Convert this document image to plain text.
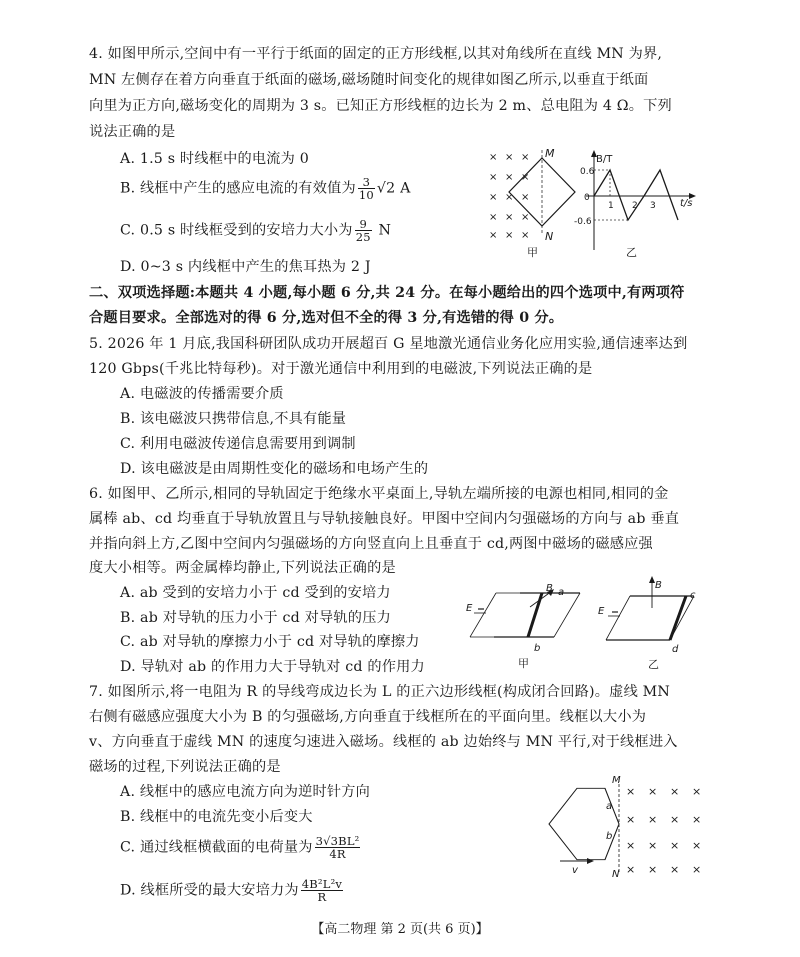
4. 如图甲所示,空间中有一平行于纸面的固定的正方形线框,以其对角线所在直线 MN 为界,
MN 左侧存在着方向垂直于纸面的磁场,磁场随时间变化的规律如图乙所示,以垂直于纸面
向里为正方向,磁场变化的周期为 3 s。已知正方形线框的边长为 2 m、总电阻为 4 Ω。下列
说法正确的是
A. 1.5 s 时线框中的电流为 0
B. 线框中产生的感应电流的有效值为 $\frac{3}{10} √2$ A
C. 0.5 s 时线框受到的安培力大小为 $\frac{9}{25}$ N
D. 0~3 s 内线框中产生的焦耳热为 2 J
× × ×
× × ×
× × ×
× × ×
× × ×
M
N
甲
B/T
t/s
0.6
-0.6
0
1 2 3
乙
二、双项选择题:本题共 4 小题,每小题 6 分,共 24 分。在每小题给出的四个选项中,有两项符
合题目要求。全部选对的得 6 分,选对但不全的得 3 分,有选错的得 0 分。
5. 2026 年 1 月底,我国科研团队成功开展超百 G 星地激光通信业务化应用实验,通信速率达到
120 Gbps(千兆比特每秒)。对于激光通信中利用到的电磁波,下列说法正确的是
A. 电磁波的传播需要介质
B. 该电磁波只携带信息,不具有能量
C. 利用电磁波传递信息需要用到调制
D. 该电磁波是由周期性变化的磁场和电场产生的
6. 如图甲、乙所示,相同的导轨固定于绝缘水平桌面上,导轨左端所接的电源也相同,相同的金
属棒 ab、cd 均垂直于导轨放置且与导轨接触良好。甲图中空间内匀强磁场的方向与 ab 垂直
并指向斜上方,乙图中空间内匀强磁场的方向竖直向上且垂直于 cd,两图中磁场的磁感应强
度大小相等。两金属棒均静止,下列说法正确的是
A. ab 受到的安培力小于 cd 受到的安培力
B. ab 对导轨的压力小于 cd 对导轨的压力
C. ab 对导轨的摩擦力小于 cd 对导轨的摩擦力
D. 导轨对 ab 的作用力大于导轨对 cd 的作用力
E
B a
b
甲
E
B
c
d
乙
7. 如图所示,将一电阻为 R 的导线弯成边长为 L 的正六边形线框(构成闭合回路)。虚线 MN
右侧有磁感应强度大小为 B 的匀强磁场,方向垂直于线框所在的平面向里。线框以大小为
v、方向垂直于虚线 MN 的速度匀速进入磁场。线框的 ab 边始终与 MN 平行,对于线框进入
磁场的过程,下列说法正确的是
A. 线框中的感应电流方向为逆时针方向
B. 线框中的电流先变小后变大
C. 通过线框横截面的电荷量为 $\frac{\text{3√3BL²}}{4R}$
D. 线框所受的最大安培力为 $\frac{\text{4B²L²v}}{R}$
a
b
M
N
× × × ×
× × × ×
× × × ×
× × × ×
v
【高二物理 第 2 页(共 6 页)】
